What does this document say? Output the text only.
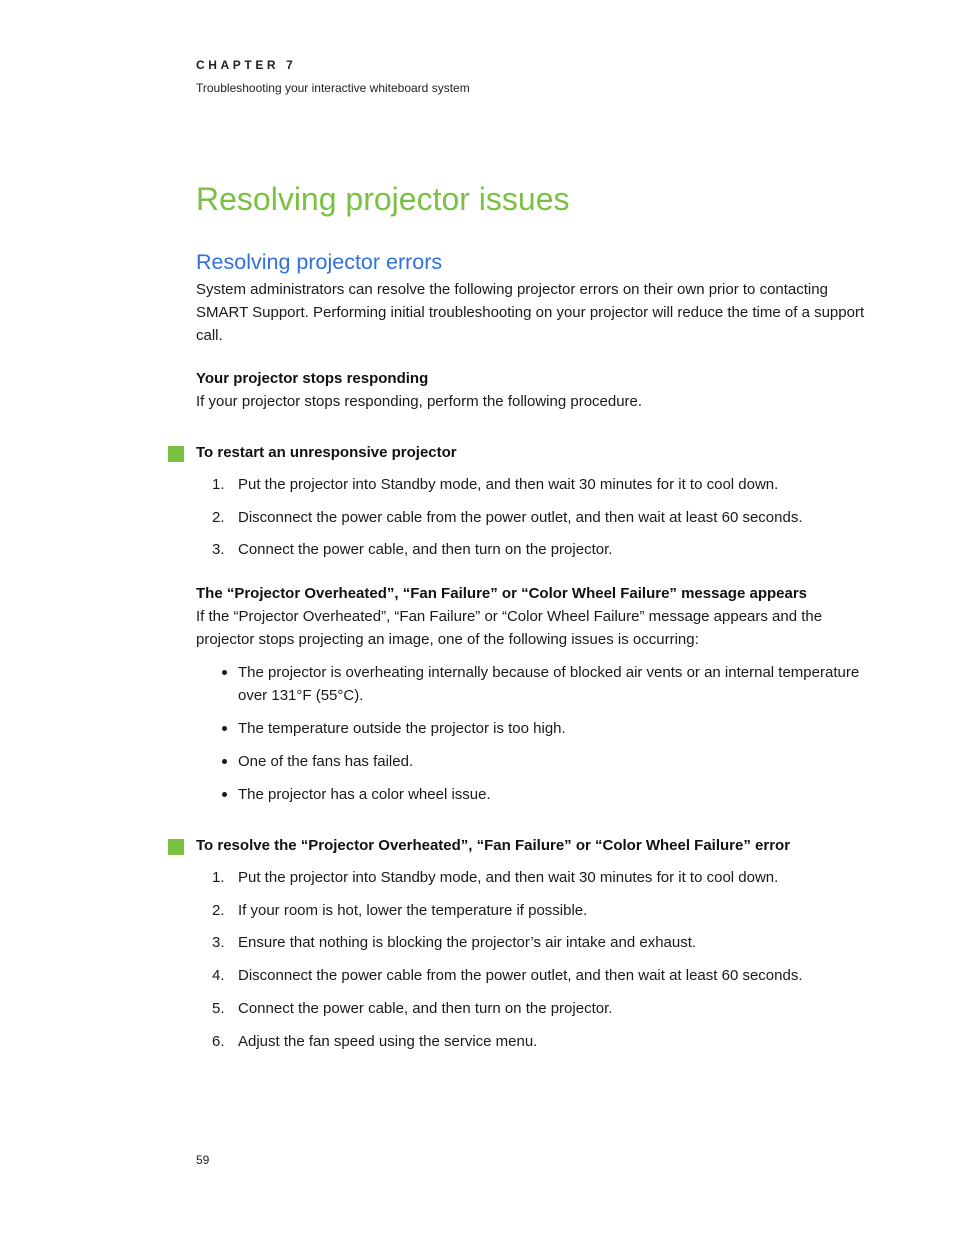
CHAPTER 7
Troubleshooting your interactive whiteboard system
Resolving projector issues
Resolving projector errors

System administrators can resolve the following projector errors on their own prior to contacting SMART Support. Performing initial troubleshooting on your projector will reduce the time of a support call.

Your projector stops responding

If your projector stops responding, perform the following procedure.

To restart an unresponsive projector
1. Put the projector into Standby mode, and then wait 30 minutes for it to cool down.
2. Disconnect the power cable from the power outlet, and then wait at least 60 seconds.
3. Connect the power cable, and then turn on the projector.
The “Projector Overheated”, “Fan Failure” or “Color Wheel Failure” message appears

If the “Projector Overheated”, “Fan Failure” or “Color Wheel Failure” message appears and the projector stops projecting an image, one of the following issues is occurring:

The projector is overheating internally because of blocked air vents or an internal temperature over 131°F (55°C).
The temperature outside the projector is too high.
One of the fans has failed.
The projector has a color wheel issue.
To resolve the “Projector Overheated”, “Fan Failure” or “Color Wheel Failure” error
1. Put the projector into Standby mode, and then wait 30 minutes for it to cool down.
2. If your room is hot, lower the temperature if possible.
3. Ensure that nothing is blocking the projector’s air intake and exhaust.
4. Disconnect the power cable from the power outlet, and then wait at least 60 seconds.
5. Connect the power cable, and then turn on the projector.
6. Adjust the fan speed using the service menu.
59
